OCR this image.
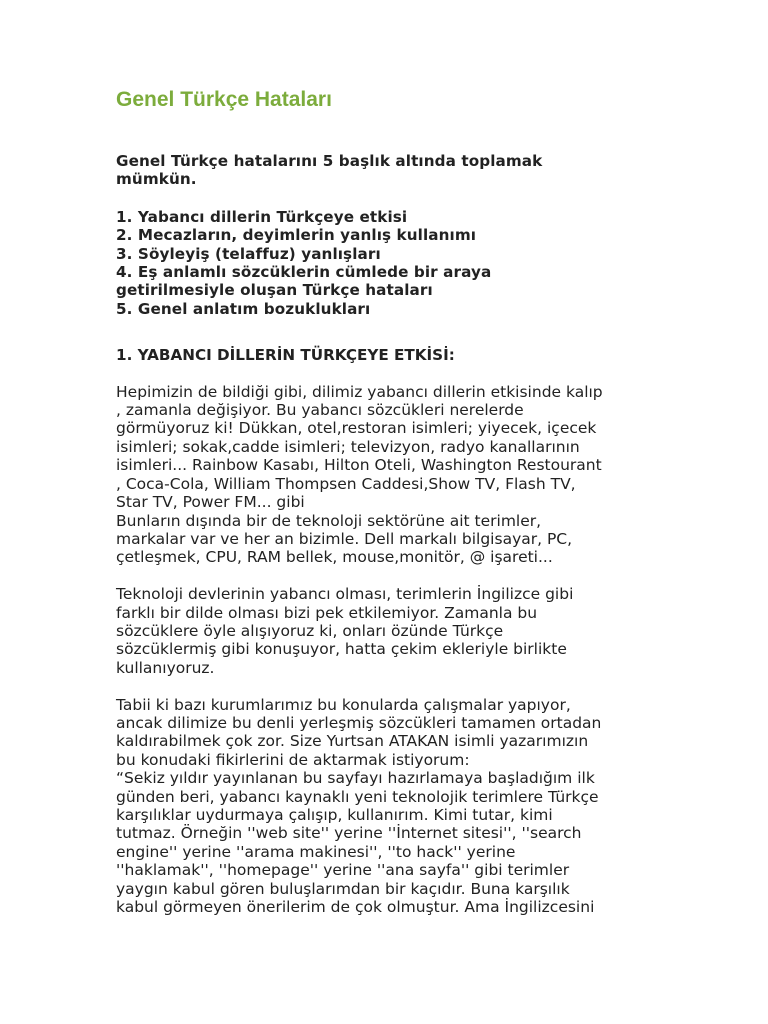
Genel Türkçe Hataları
Genel Türkçe hatalarını 5 başlık altında toplamak
mümkün.
1. Yabancı dillerin Türkçeye etkisi
2. Mecazların, deyimlerin yanlış kullanımı
3. Söyleyiş (telaffuz) yanlışları
4. Eş anlamlı sözcüklerin cümlede bir araya
getirilmesiyle oluşan Türkçe hataları
5. Genel anlatım bozuklukları
1. YABANCI DİLLERİN TÜRKÇEYE ETKİSİ:
Hepimizin de bildiği gibi, dilimiz yabancı dillerin etkisinde kalıp
, zamanla değişiyor. Bu yabancı sözcükleri nerelerde
görmüyoruz ki! Dükkan, otel,restoran isimleri; yiyecek, içecek
isimleri; sokak,cadde isimleri; televizyon, radyo kanallarının
isimleri... Rainbow Kasabı, Hilton Oteli, Washington Restourant
, Coca-Cola, William Thompsen Caddesi,Show TV, Flash TV,
Star TV, Power FM... gibi
Bunların dışında bir de teknoloji sektörüne ait terimler,
markalar var ve her an bizimle. Dell markalı bilgisayar, PC,
çetleşmek, CPU, RAM bellek, mouse,monitör, @ işareti...
Teknoloji devlerinin yabancı olması, terimlerin İngilizce gibi
farklı bir dilde olması bizi pek etkilemiyor. Zamanla bu
sözcüklere öyle alışıyoruz ki, onları özünde Türkçe
sözcüklermiş gibi konuşuyor, hatta çekim ekleriyle birlikte
kullanıyoruz.
Tabii ki bazı kurumlarımız bu konularda çalışmalar yapıyor,
ancak dilimize bu denli yerleşmiş sözcükleri tamamen ortadan
kaldırabilmek çok zor. Size Yurtsan ATAKAN isimli yazarımızın
bu konudaki fikirlerini de aktarmak istiyorum:
“Sekiz yıldır yayınlanan bu sayfayı hazırlamaya başladığım ilk
günden beri, yabancı kaynaklı yeni teknolojik terimlere Türkçe
karşılıklar uydurmaya çalışıp, kullanırım. Kimi tutar, kimi
tutmaz. Örneğin ''web site'' yerine ''İnternet sitesi'', ''search
engine'' yerine ''arama makinesi'', ''to hack'' yerine
''haklamak'', ''homepage'' yerine ''ana sayfa'' gibi terimler
yaygın kabul gören buluşlarımdan bir kaçıdır. Buna karşılık
kabul görmeyen önerilerim de çok olmuştur. Ama İngilizcesini
